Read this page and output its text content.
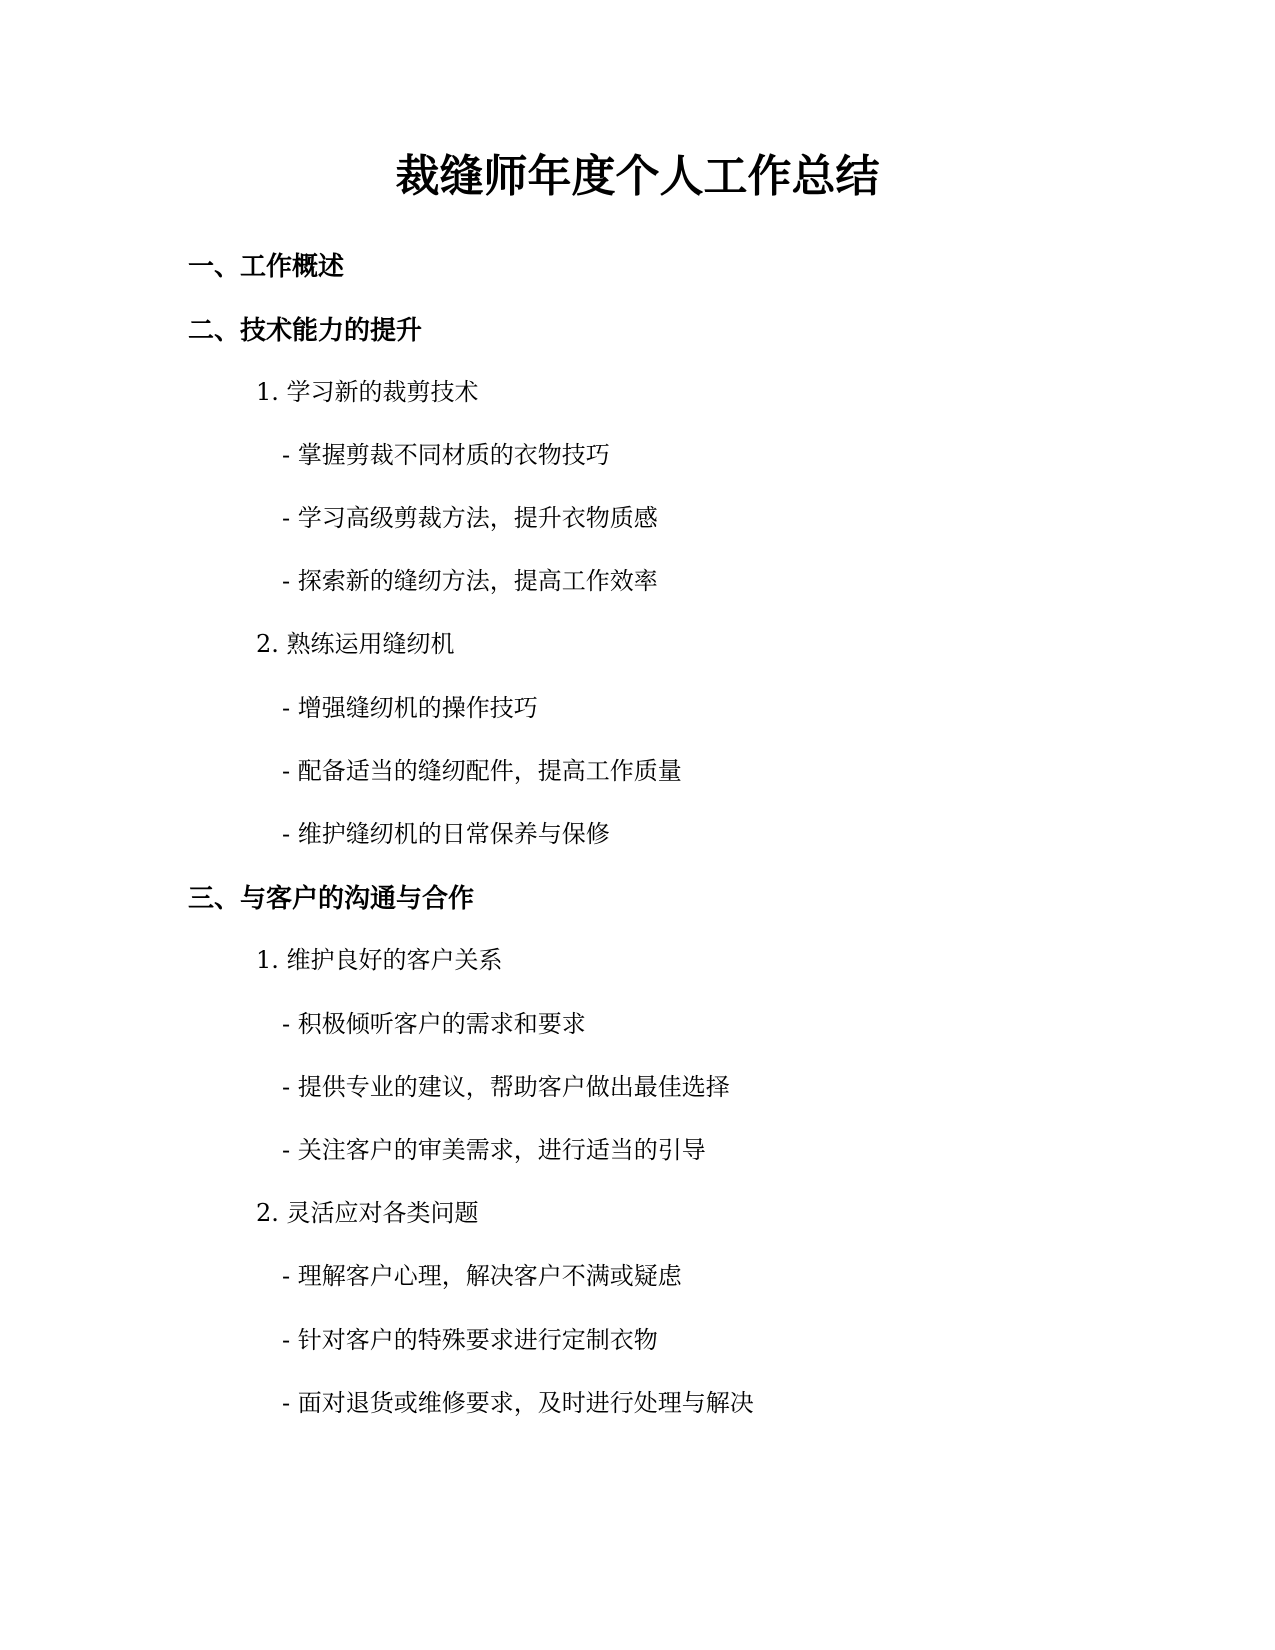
裁缝师年度个人工作总结
一、工作概述
二、技术能力的提升
1. 学习新的裁剪技术
- 掌握剪裁不同材质的衣物技巧
- 学习高级剪裁方法，提升衣物质感
- 探索新的缝纫方法，提高工作效率
2. 熟练运用缝纫机
- 增强缝纫机的操作技巧
- 配备适当的缝纫配件，提高工作质量
- 维护缝纫机的日常保养与保修
三、与客户的沟通与合作
1. 维护良好的客户关系
- 积极倾听客户的需求和要求
- 提供专业的建议，帮助客户做出最佳选择
- 关注客户的审美需求，进行适当的引导
2. 灵活应对各类问题
- 理解客户心理，解决客户不满或疑虑
- 针对客户的特殊要求进行定制衣物
- 面对退货或维修要求，及时进行处理与解决
